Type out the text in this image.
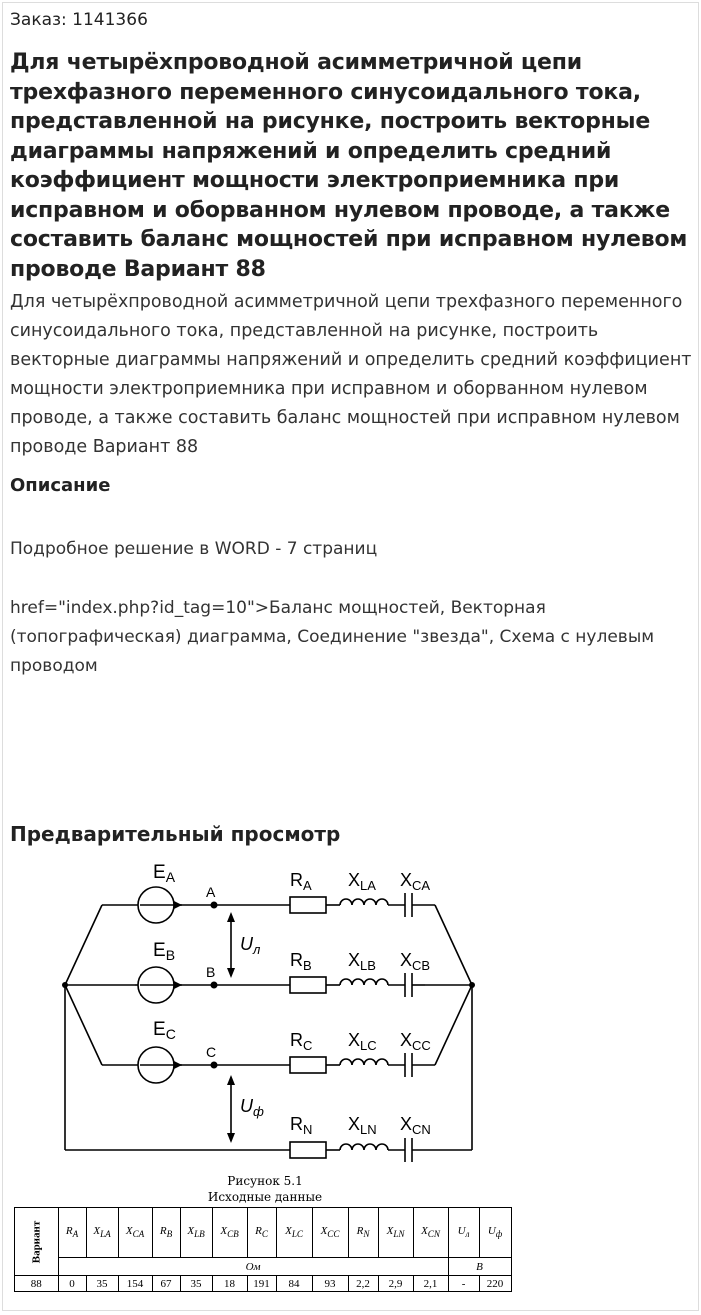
Заказ: 1141366
Для четырёхпроводной асимметричной цепи трехфазного переменного синусоидального тока, представленной на рисунке, построить векторные диаграммы напряжений и определить средний коэффициент мощности электроприемника при исправном и оборванном нулевом проводе, а также составить баланс мощностей при исправном нулевом проводе Вариант 88

Для четырёхпроводной асимметричной цепи трехфазного переменного синусоидального тока, представленной на рисунке, построить векторные диаграммы напряжений и определить средний коэффициент мощности электроприемника при исправном и оборванном нулевом проводе, а также составить баланс мощностей при исправном нулевом проводе Вариант 88

Описание

Подробное решение в WORD - 7 страниц

href="index.php?id_tag=10">Баланс мощностей, Векторная (топографическая) диаграмма, Соединение "звезда", Схема с нулевым проводом

Предварительный просмотр
$E_A$
$E_B$
$E_C$
A
B
C
$U_л$
$U_ф$
$R_A$
$R_B$
$R_C$
$R_N$
$X_{LA}$
$X_{LB}$
$X_{LC}$
$X_{LN}$
$X_{CA}$
$X_{CB}$
$X_{CC}$
$X_{CN}$
Рисунок 5.1
Исходные данные
Вариант	$R_A$	$X_{LA}$	$X_{CA}$	$R_B$	$X_{LB}$	$X_{CB}$	$R_C$	$X_{LC}$	$X_{CC}$	$R_N$	$X_{LN}$	$X_{CN}$	$U_л$	$U_ф$
	Ом												В	
88	0	35	154	67	35	18	191	84	93	2,2	2,9	2,1	-	220
